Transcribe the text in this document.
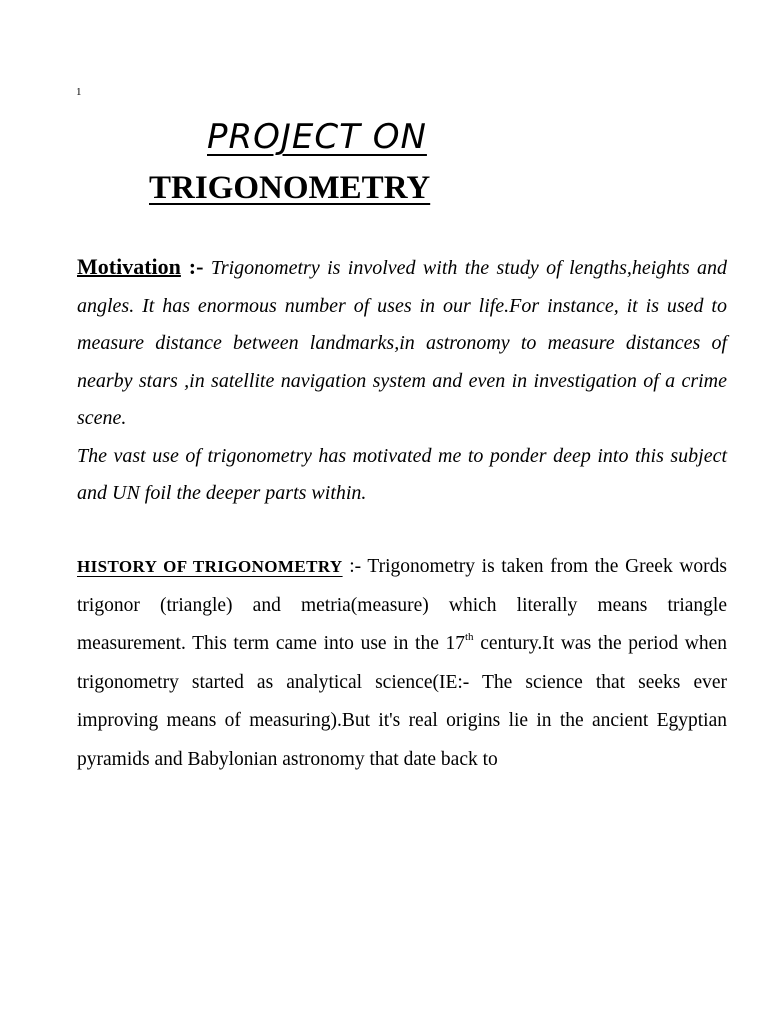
1
PROJECT ON
TRIGONOMETRY

Motivation :- Trigonometry is involved with the study of lengths,heights and angles. It has enormous number of uses in our life.For instance, it is used to measure distance between landmarks,in astronomy to measure distances of nearby stars ,in satellite navigation system and even in investigation of a crime scene.

The vast use of trigonometry has motivated me to ponder deep into this subject and UN foil the deeper parts within.

HISTORY OF TRIGONOMETRY :- Trigonometry is taken from the Greek words trigonor (triangle) and metria(measure) which literally means triangle measurement. This term came into use in the 17th century.It was the period when trigonometry started as analytical science(IE:- The science that seeks ever improving means of measuring).But it's real origins lie in the ancient Egyptian pyramids and Babylonian astronomy that date back to
